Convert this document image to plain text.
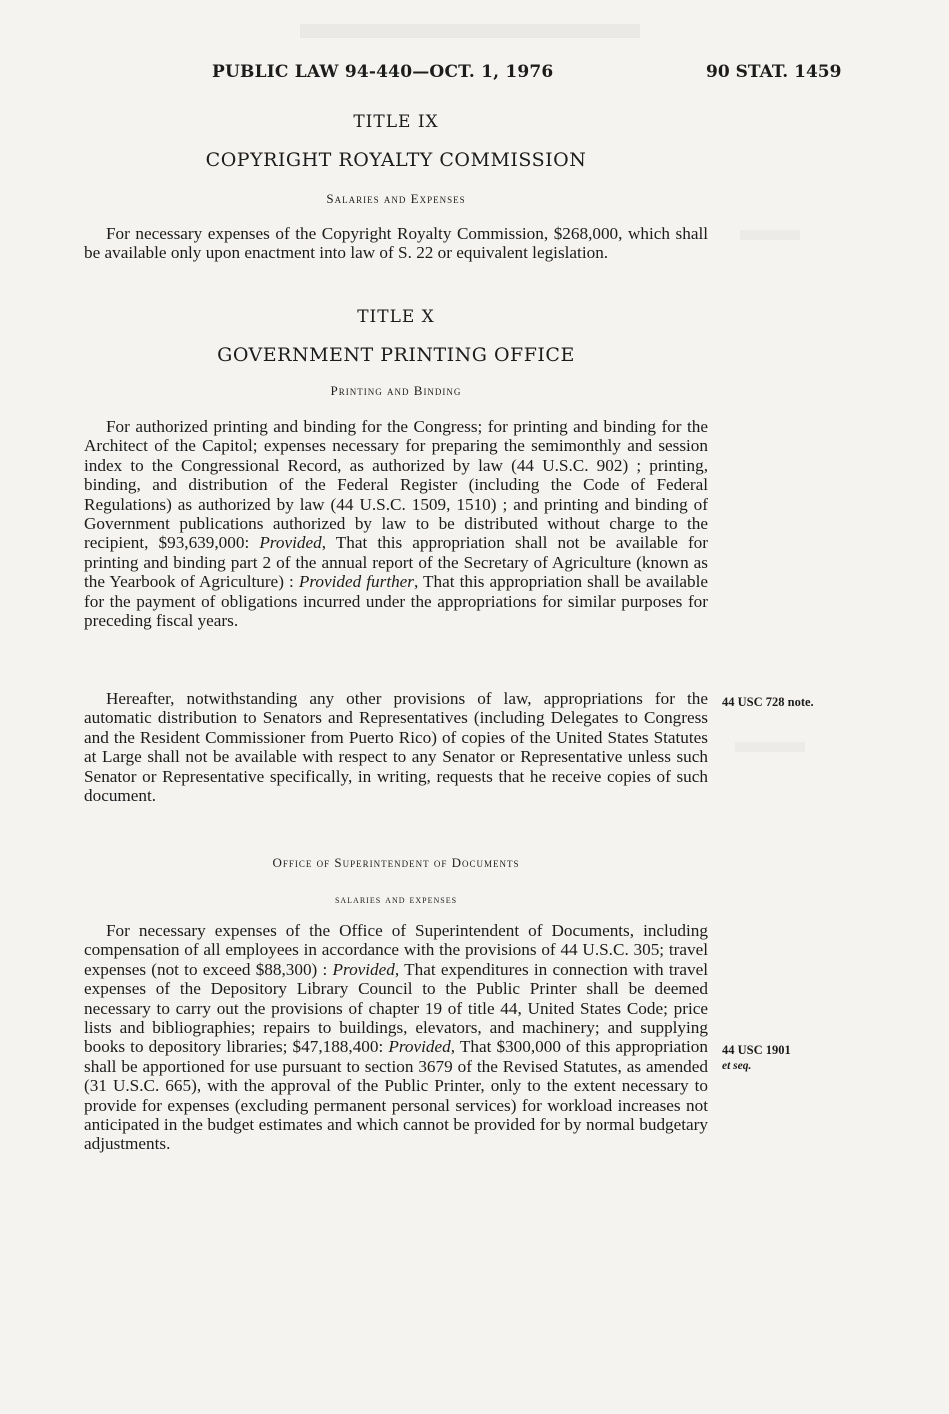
PUBLIC LAW 94-440—OCT. 1, 1976	90 STAT. 1459
TITLE IX
COPYRIGHT ROYALTY COMMISSION
Salaries and Expenses

For necessary expenses of the Copyright Royalty Commission, $268,000, which shall be available only upon enactment into law of S. 22 or equivalent legislation.

TITLE X
GOVERNMENT PRINTING OFFICE
Printing and Binding

For authorized printing and binding for the Congress; for printing and binding for the Architect of the Capitol; expenses necessary for preparing the semimonthly and session index to the Congressional Record, as authorized by law (44 U.S.C. 902) ; printing, binding, and distribution of the Federal Register (including the Code of Federal Regulations) as authorized by law (44 U.S.C. 1509, 1510) ; and printing and binding of Government publications authorized by law to be distributed without charge to the recipient, $93,639,000: Provided, That this appropriation shall not be available for printing and binding part 2 of the annual report of the Secretary of Agriculture (known as the Yearbook of Agriculture) : Provided further, That this appropriation shall be available for the payment of obligations incurred under the appropriations for similar purposes for preceding fiscal years.

Hereafter, notwithstanding any other provisions of law, appropriations for the automatic distribution to Senators and Representatives (including Delegates to Congress and the Resident Commissioner from Puerto Rico) of copies of the United States Statutes at Large shall not be available with respect to any Senator or Representative unless such Senator or Representative specifically, in writing, requests that he receive copies of such document.

Office of Superintendent of Documents
salaries and expenses

For necessary expenses of the Office of Superintendent of Documents, including compensation of all employees in accordance with the provisions of 44 U.S.C. 305; travel expenses (not to exceed $88,300) : Provided, That expenditures in connection with travel expenses of the Depository Library Council to the Public Printer shall be deemed necessary to carry out the provisions of chapter 19 of title 44, United States Code; price lists and bibliographies; repairs to buildings, elevators, and machinery; and supplying books to depository libraries; $47,188,400: Provided, That $300,000 of this appropriation shall be apportioned for use pursuant to section 3679 of the Revised Statutes, as amended (31 U.S.C. 665), with the approval of the Public Printer, only to the extent necessary to provide for expenses (excluding permanent personal services) for workload increases not anticipated in the budget estimates and which cannot be provided for by normal budgetary adjustments.

44 USC 728 note.
44 USC 1901
et seq.
